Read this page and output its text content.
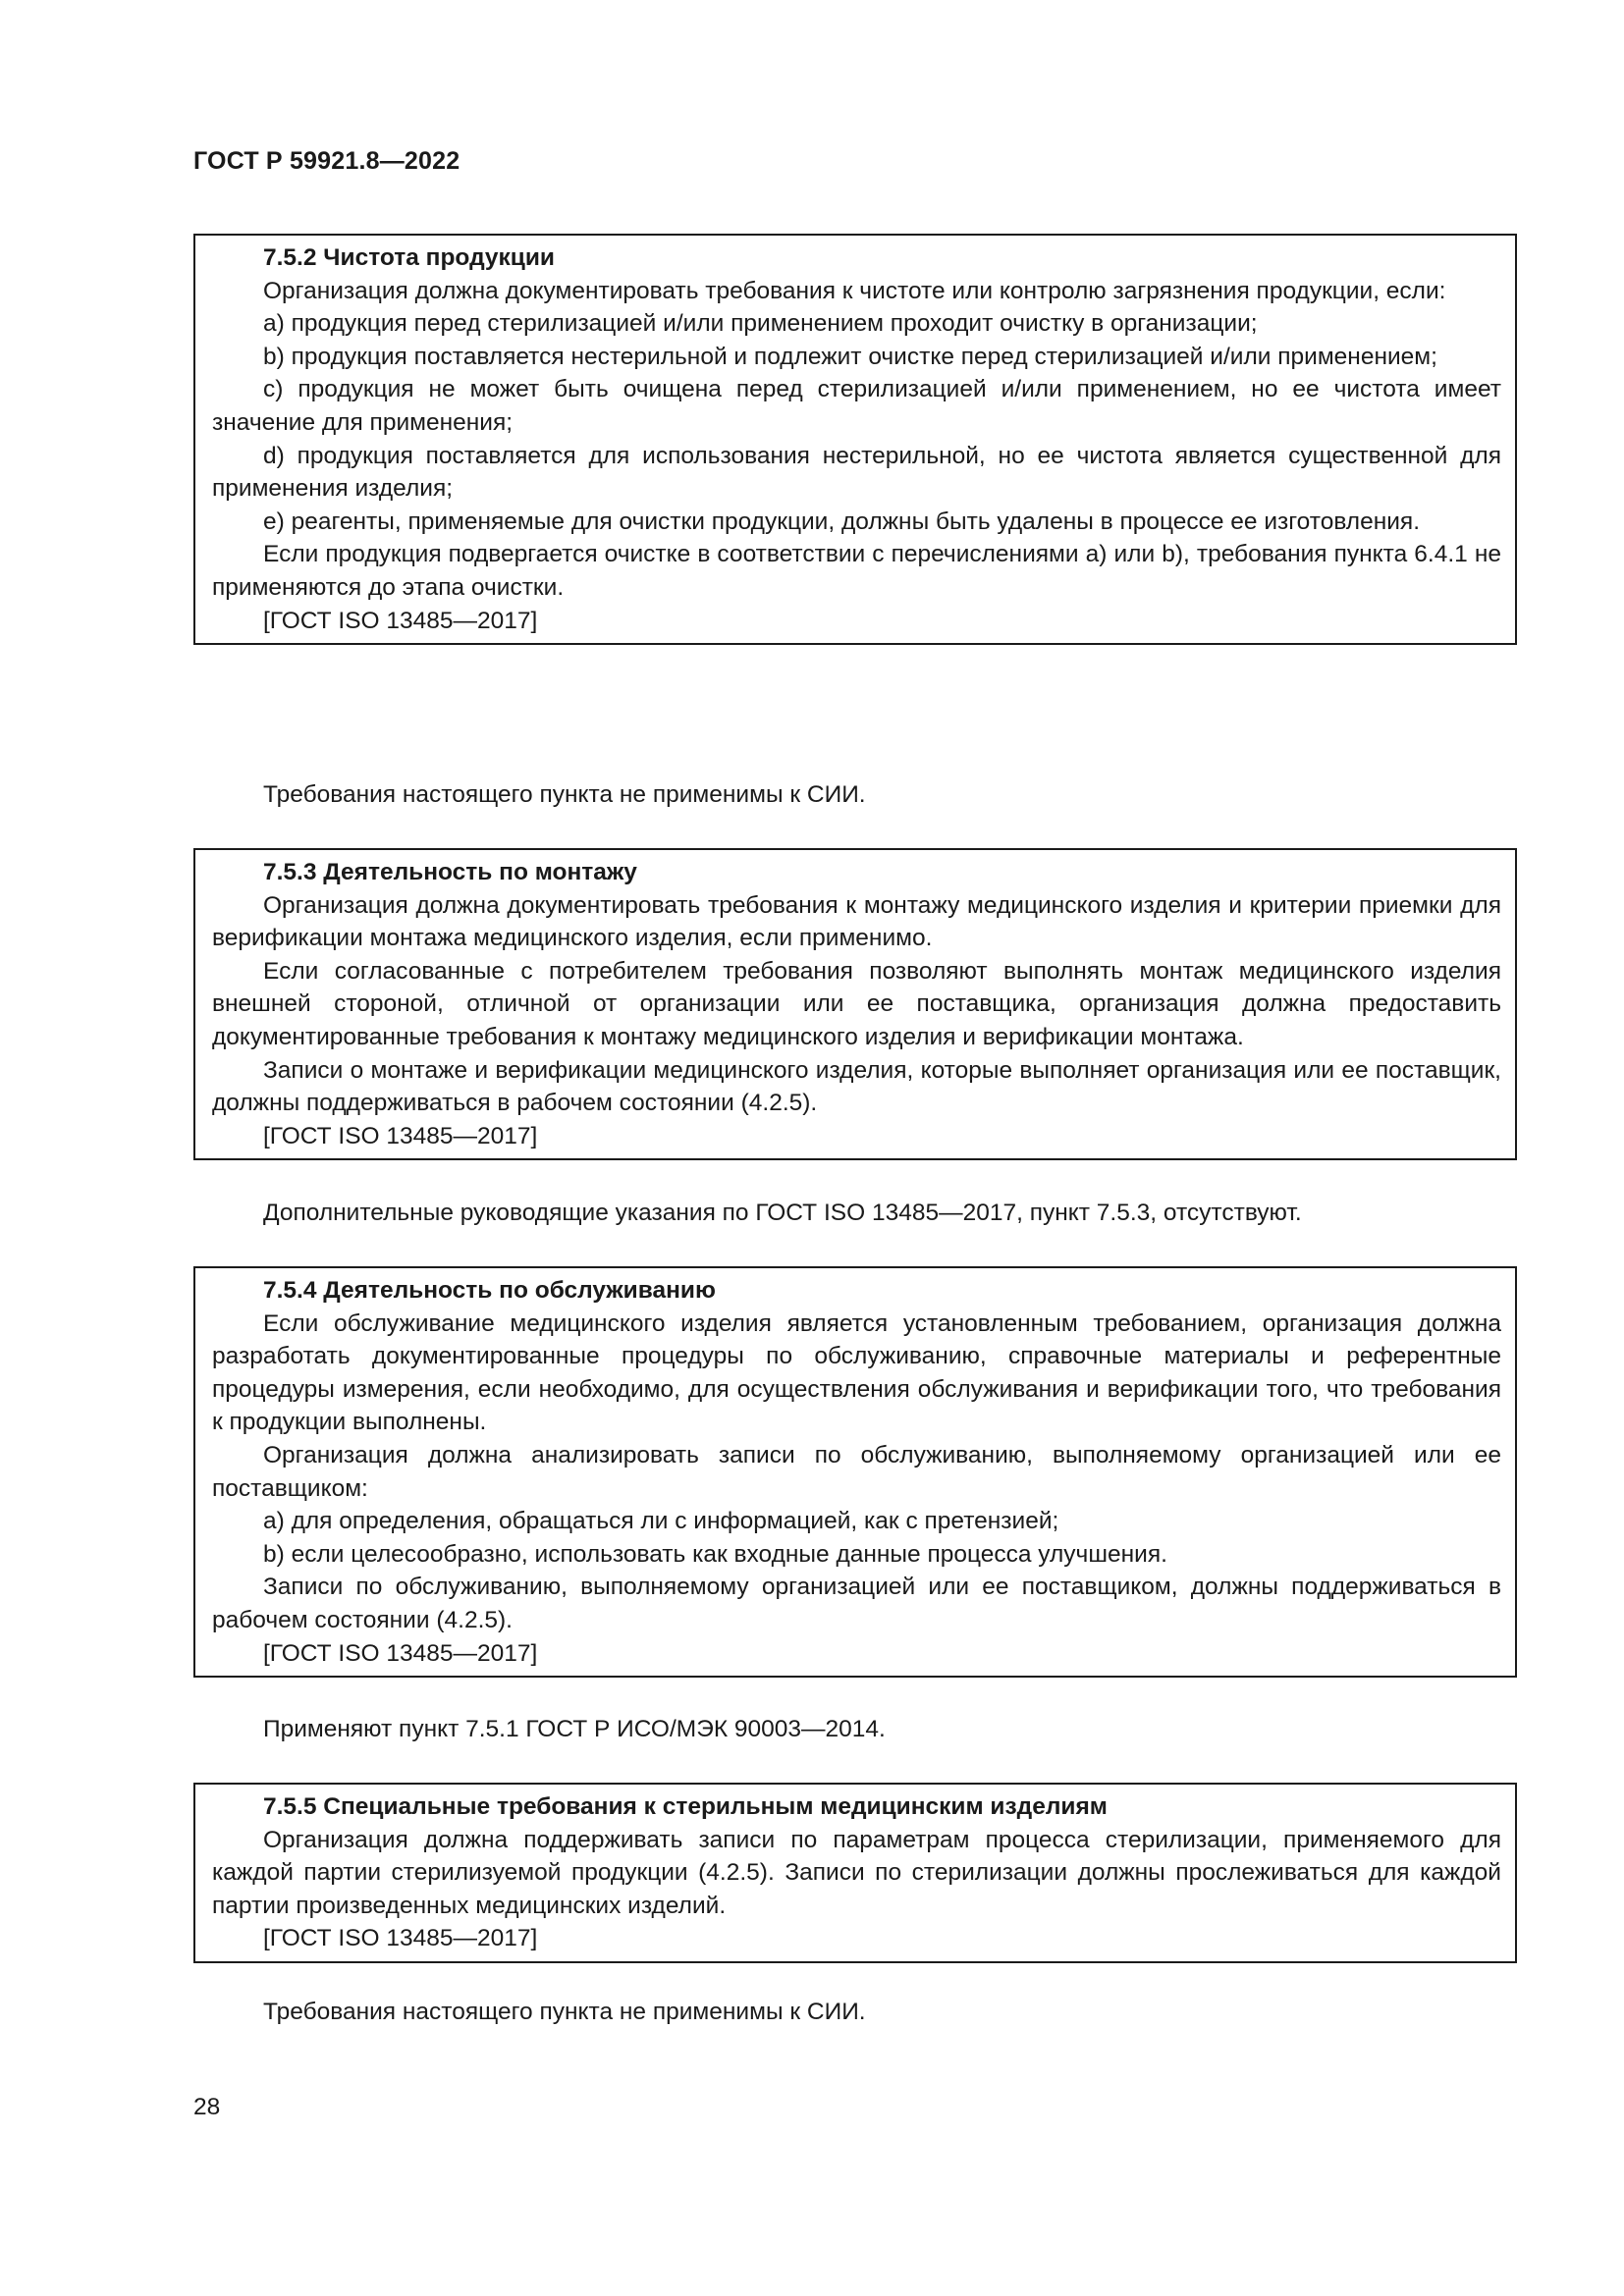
ГОСТ Р 59921.8—2022

7.5.2 Чистота продукции

Организация должна документировать требования к чистоте или контролю загрязнения продукции, если:

a) продукция перед стерилизацией и/или применением проходит очистку в организации;

b) продукция поставляется нестерильной и подлежит очистке перед стерилизацией и/или применением;

c) продукция не может быть очищена перед стерилизацией и/или применением, но ее чистота имеет значение для применения;

d) продукция поставляется для использования нестерильной, но ее чистота является существенной для применения изделия;

e) реагенты, применяемые для очистки продукции, должны быть удалены в процессе ее изготовления.

Если продукция подвергается очистке в соответствии с перечислениями a) или b), требования пункта 6.4.1 не применяются до этапа очистки.

[ГОСТ ISO 13485—2017]

Требования настоящего пункта не применимы к СИИ.

7.5.3 Деятельность по монтажу

Организация должна документировать требования к монтажу медицинского изделия и критерии приемки для верификации монтажа медицинского изделия, если применимо.

Если согласованные с потребителем требования позволяют выполнять монтаж медицинского изделия внешней стороной, отличной от организации или ее поставщика, организация должна предоставить документированные требования к монтажу медицинского изделия и верификации монтажа.

Записи о монтаже и верификации медицинского изделия, которые выполняет организация или ее поставщик, должны поддерживаться в рабочем состоянии (4.2.5).

[ГОСТ ISO 13485—2017]

Дополнительные руководящие указания по ГОСТ ISO 13485—2017, пункт 7.5.3, отсутствуют.

7.5.4 Деятельность по обслуживанию

Если обслуживание медицинского изделия является установленным требованием, организация должна разработать документированные процедуры по обслуживанию, справочные материалы и референтные процедуры измерения, если необходимо, для осуществления обслуживания и верификации того, что требования к продукции выполнены.

Организация должна анализировать записи по обслуживанию, выполняемому организацией или ее поставщиком:

a) для определения, обращаться ли с информацией, как с претензией;

b) если целесообразно, использовать как входные данные процесса улучшения.

Записи по обслуживанию, выполняемому организацией или ее поставщиком, должны поддерживаться в рабочем состоянии (4.2.5).

[ГОСТ ISO 13485—2017]

Применяют пункт 7.5.1 ГОСТ Р ИСО/МЭК 90003—2014.

7.5.5 Специальные требования к стерильным медицинским изделиям

Организация должна поддерживать записи по параметрам процесса стерилизации, применяемого для каждой партии стерилизуемой продукции (4.2.5). Записи по стерилизации должны прослеживаться для каждой партии произведенных медицинских изделий.

[ГОСТ ISO 13485—2017]

Требования настоящего пункта не применимы к СИИ.

28
